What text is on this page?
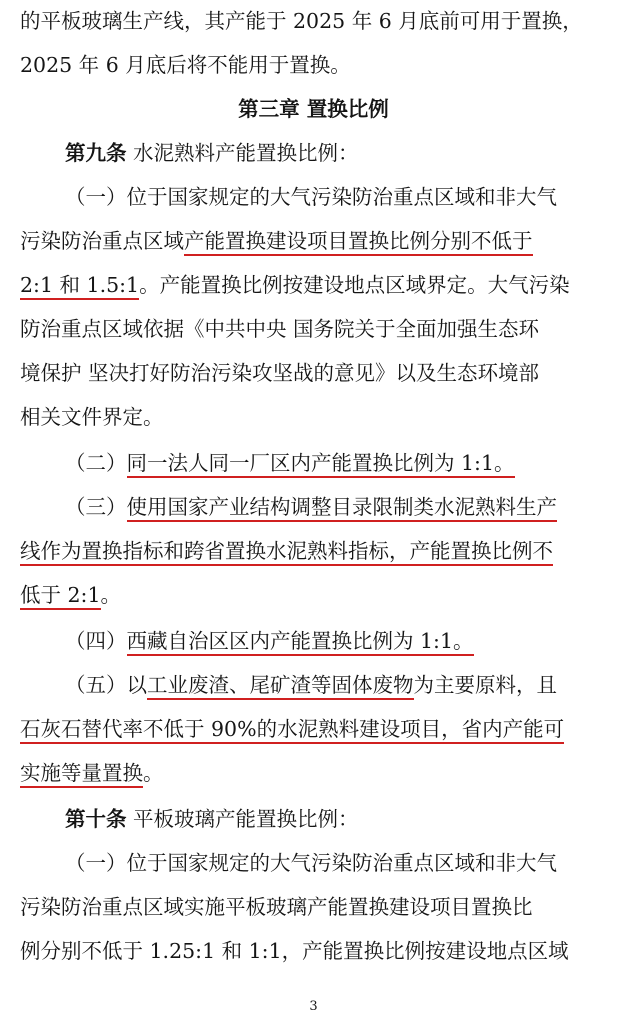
的平板玻璃生产线，其产能于 2025 年 6 月底前可用于置换，
2025 年 6 月底后将不能用于置换。
第三章 置换比例
第九条 水泥熟料产能置换比例：
（一）位于国家规定的大气污染防治重点区域和非大气
污染防治重点区域产能置换建设项目置换比例分别不低于
2:1 和 1.5:1。产能置换比例按建设地点区域界定。大气污染
防治重点区域依据《中共中央 国务院关于全面加强生态环
境保护 坚决打好防治污染攻坚战的意见》以及生态环境部
相关文件界定。
（二）同一法人同一厂区内产能置换比例为 1:1。
（三）使用国家产业结构调整目录限制类水泥熟料生产
线作为置换指标和跨省置换水泥熟料指标，产能置换比例不
低于 2:1。
（四）西藏自治区区内产能置换比例为 1:1。
（五）以工业废渣、尾矿渣等固体废物为主要原料，且
石灰石替代率不低于 90%的水泥熟料建设项目，省内产能可
实施等量置换。
第十条 平板玻璃产能置换比例：
（一）位于国家规定的大气污染防治重点区域和非大气
污染防治重点区域实施平板玻璃产能置换建设项目置换比
例分别不低于 1.25:1 和 1:1，产能置换比例按建设地点区域
3
